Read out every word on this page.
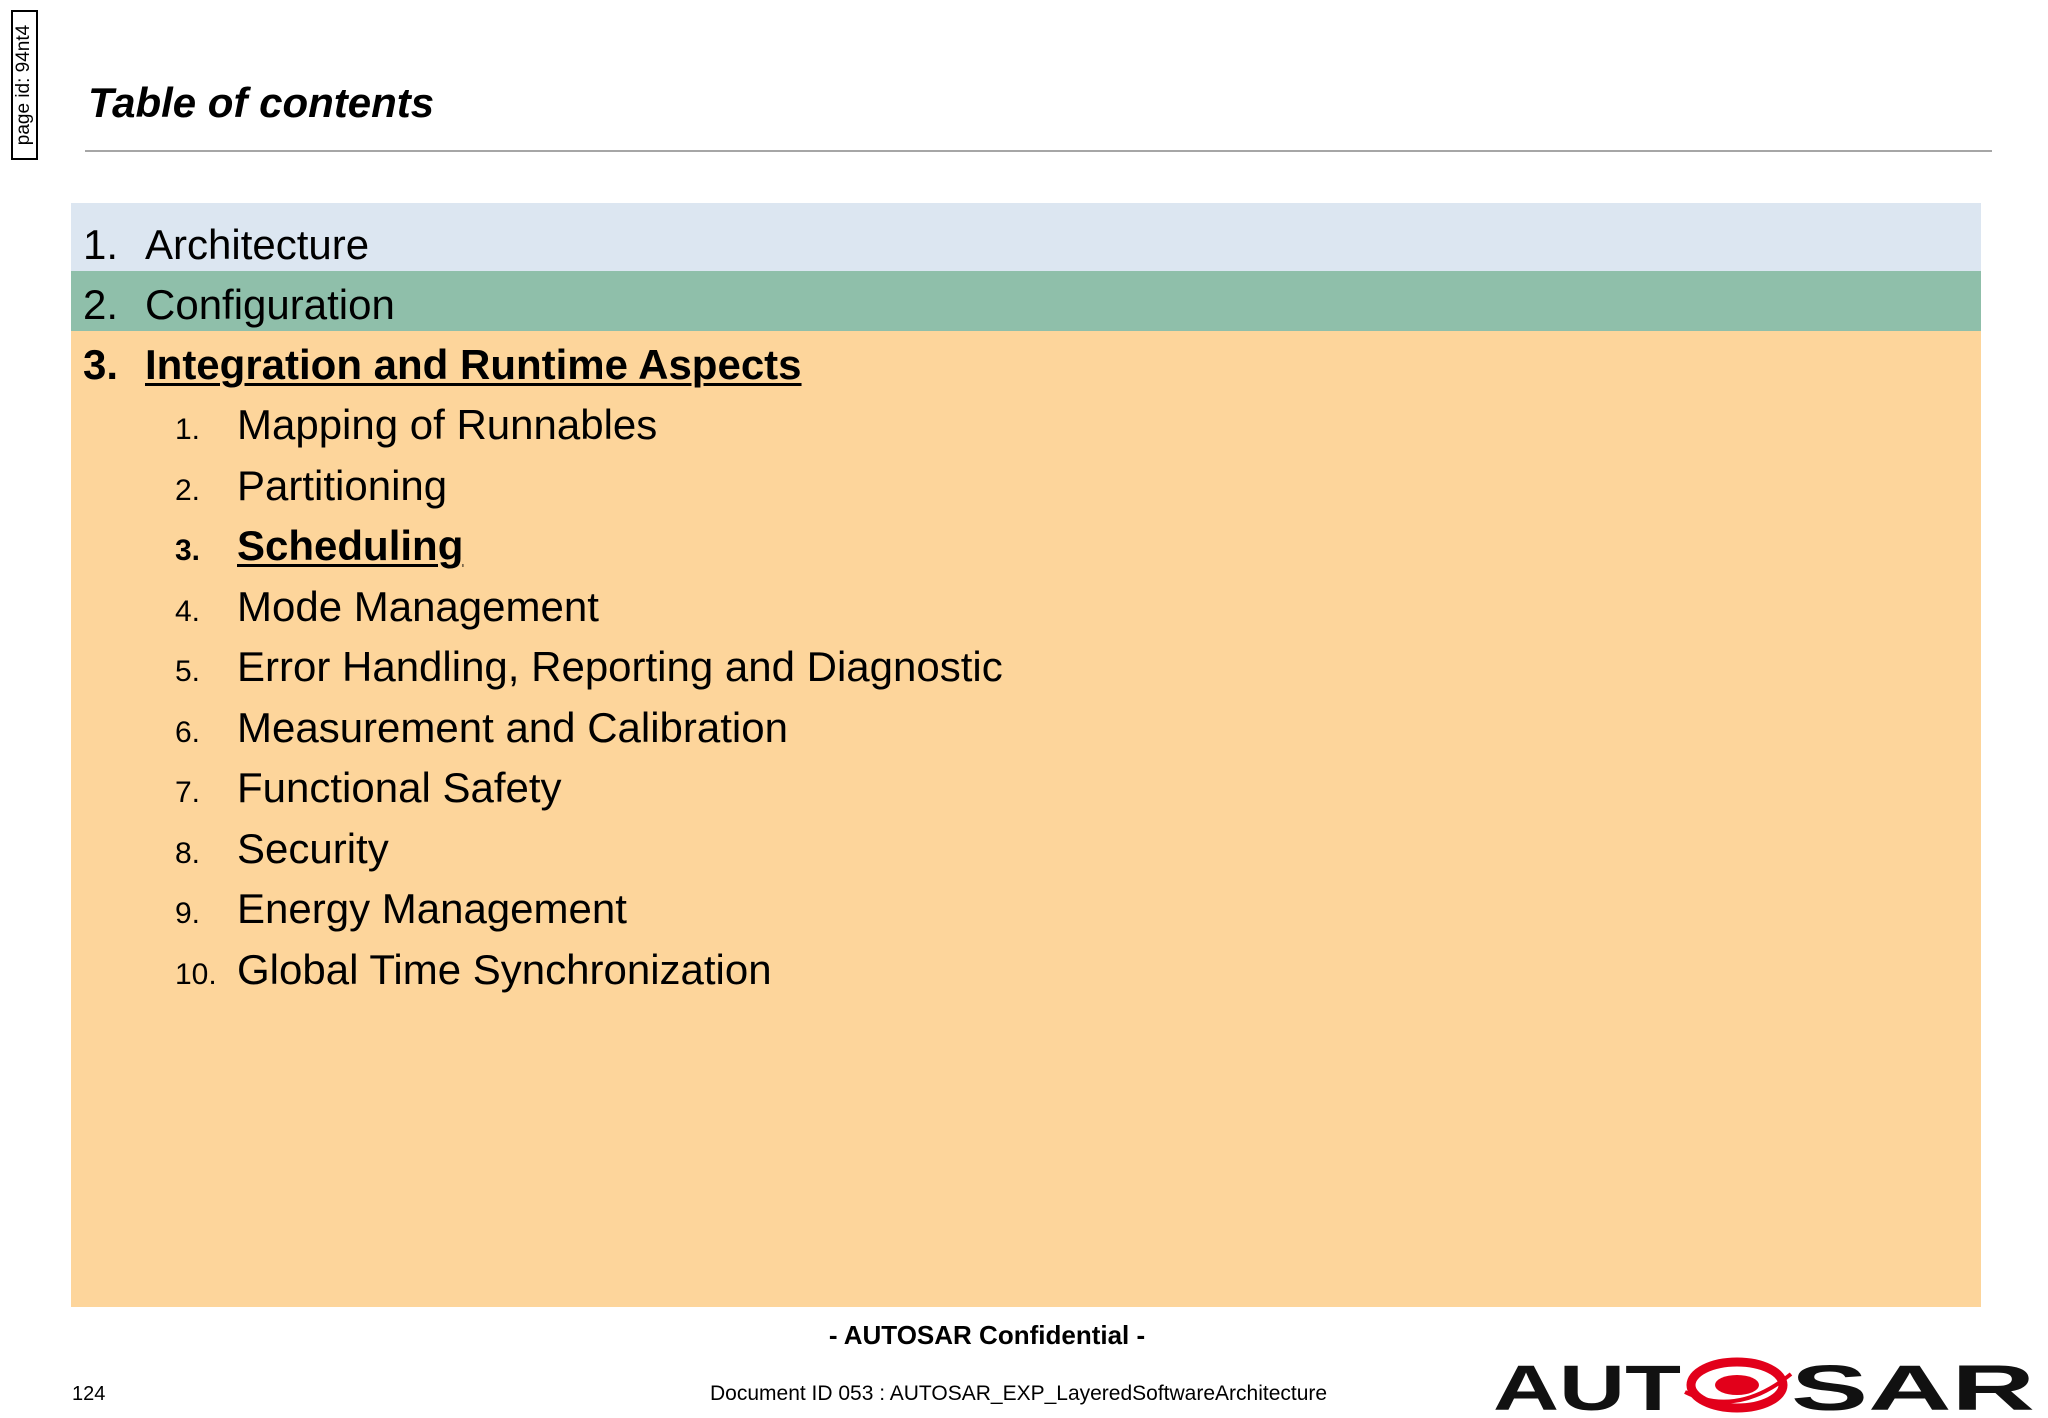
page id: 94nt4 Table of contents
1. Architecture
2. Configuration
3. Integration and Runtime Aspects
1. Mapping of Runnables
2. Partitioning
3. Scheduling
4. Mode Management
5. Error Handling, Reporting and Diagnostic
6. Measurement and Calibration
7. Functional Safety
8. Security
9. Energy Management
10. Global Time Synchronization
- AUTOSAR Confidential -
124	Document ID 053 : AUTOSAR_EXP_LayeredSoftwareArchitecture	AUT SAR
